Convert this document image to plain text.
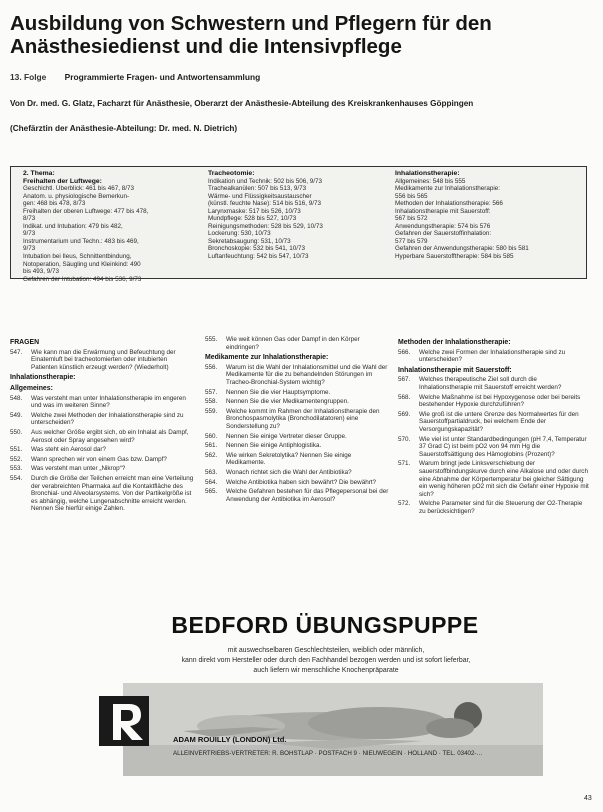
Ausbildung von Schwestern und Pflegern für den Anästhesiedienst und die Intensivpflege
13. Folge Programmierte Fragen- und Antwortensammlung
Von Dr. med. G. Glatz, Facharzt für Anästhesie, Oberarzt der Anästhesie-Abteilung des Kreiskrankenhauses Göppingen
(Chefärztin der Anästhesie-Abteilung: Dr. med. N. Dietrich)
2. Thema:
Freihalten der Luftwege:
Geschichtl. Überblick: 461 bis 467, 8/73
Anatom. u. physiologische Bemerkun-
gen: 468 bis 478, 8/73
Freihalten der oberen Luftwege: 477 bis 478,
8/73
Indikat. und Intubation: 479 bis 482,
9/73
Instrumentarium und Techn.: 483 bis 469,
9/73
Intubation bei Ileus, Schnittentbindung,
Notoperation, Säugling und Kleinkind: 490
bis 493, 9/73
Gefahren der Intubation: 494 bis 536, 9/73
Tracheotomie:
Indikation und Technik: 502 bis 506, 9/73
Trachealkanülen: 507 bis 513, 9/73
Wärme- und Flüssigkeitsaustauscher
(künstl. feuchte Nase): 514 bis 516, 9/73
Larynxmaske: 517 bis 526, 10/73
Mundpflege: 528 bis 527, 10/73
Reinigungsmethoden: 528 bis 529, 10/73
Lockerung: 530, 10/73
Sekretabsaugung: 531, 10/73
Bronchoskopie: 532 bis 541, 10/73
Luftanfeuchtung: 542 bis 547, 10/73
Inhalationstherapie:
Allgemeines: 548 bis 555
Medikamente zur Inhalationstherapie:
556 bis 565
Methoden der Inhalationstherapie: 566
Inhalationstherapie mit Sauerstoff:
567 bis 572
Anwendungstherapie: 574 bis 576
Gefahren der Sauerstoffinhalation:
577 bis 579
Gefahren der Anwendungstherapie: 580 bis 581
Hyperbare Sauerstofftherapie: 584 bis 585
FRAGEN
547.	Wie kann man die Erwärmung und Befeuchtung der Einatemluft bei tracheotomierten oder intubierten Patienten künstlich erzeugt werden? (Wiederholt)
Inhalationstherapie:
Allgemeines:
548.	Was versteht man unter Inhalationstherapie im engeren und was im weiteren Sinne?
549.	Welche zwei Methoden der Inhalationstherapie sind zu unterscheiden?
550.	Aus welcher Größe ergibt sich, ob ein Inhalat als Dampf, Aerosol oder Spray angesehen wird?
551.	Was steht ein Aerosol dar?
552.	Wann sprechen wir von einem Gas bzw. Dampf?
553.	Was versteht man unter „Nikrop“?
554.	Durch die Größe der Teilchen erreicht man eine Verteilung der verabreichten Pharmaka auf die Kontaktfläche des Bronchial- und Alveolarsystems. Von der Partikelgröße ist es abhängig, welche Lungenabschnitte erreicht werden. Nennen Sie hierfür einige Zahlen.
555.	Wie weit können Gas oder Dampf in den Körper eindringen?
Medikamente zur Inhalationstherapie:
556.	Warum ist die Wahl der Inhalationsmittel und die Wahl der Medikamente für die zu behandelnden Störungen im Tracheo-Bronchial-System wichtig?
557.	Nennen Sie die vier Hauptsymptome.
558.	Nennen Sie die vier Medikamentengruppen.
559.	Welche kommt im Rahmen der Inhalationstherapie den Bronchospasmolytika (Bronchodilatatoren) eine Sonderstellung zu?
560.	Nennen Sie einige Vertreter dieser Gruppe.
561.	Nennen Sie einige Antiphlogistika.
562.	Wie wirken Sekretolytika? Nennen Sie einige Medikamente.
563.	Wonach richtet sich die Wahl der Antibiotika?
564.	Welche Antibiotika haben sich bewährt? Die bewährt?
565.	Welche Gefahren bestehen für das Pflegepersonal bei der Anwendung der Antibiotika im Aerosol?
Methoden der Inhalationstherapie:
566.	Welche zwei Formen der Inhalationstherapie sind zu unterscheiden?
Inhalationstherapie mit Sauerstoff:
567.	Welches therapeutische Ziel soll durch die Inhalationstherapie mit Sauerstoff erreicht werden?
568.	Welche Maßnahme ist bei Hypoxygenose oder bei bereits bestehender Hypoxie durchzuführen?
569.	Wie groß ist die untere Grenze des Normalwertes für den Sauerstoffpartialdruck, bei welchem Ende der Versorgungskapazität?
570.	Wie viel ist unter Standardbedingungen (pH 7,4, Temperatur 37 Grad C) ist beim pO2 von 94 mm Hg die Sauerstoffsättigung des Hämoglobins (Prozent)?
571.	Warum bringt jede Linksverschiebung der sauerstoffbindungskurve durch eine Alkalose und oder durch eine Abnahme der Körpertemperatur bei gleicher Sättigung ein wenig höheren pO2 mit sich die Gefahr einer Hypoxie mit sich?
572.	Welche Parameter sind für die Steuerung der O2-Therapie zu berücksichtigen?
BEDFORD ÜBUNGSPUPPE
mit auswechselbaren Geschlechtsteilen, weiblich oder männlich,
kann direkt vom Hersteller oder durch den Fachhandel bezogen werden und ist sofort lieferbar,
auch liefern wir menschliche Knochenpräparate
ADAM ROUILLY (LONDON) Ltd.
ALLEINVERTRIEBS-VERTRETER: R. BOHSTLAP · POSTFACH 9 · NIEUWEGEIN · HOLLAND · TEL. 03402-…
43
